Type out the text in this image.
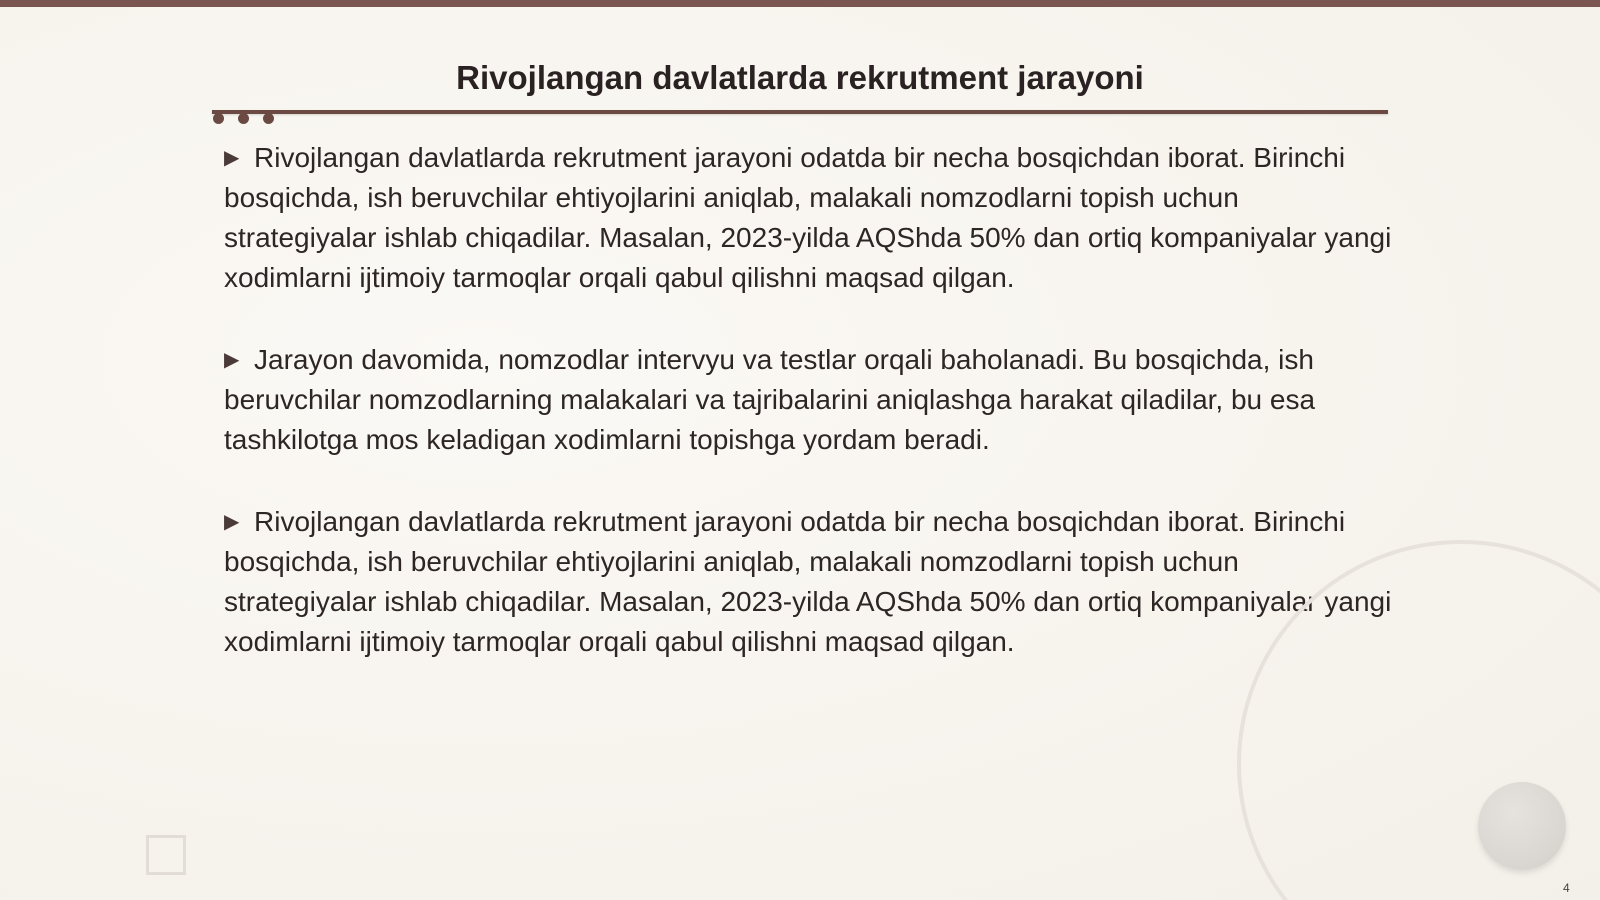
Rivojlangan davlatlarda rekrutment jarayoni

▶ Rivojlangan davlatlarda rekrutment jarayoni odatda bir necha bosqichdan iborat. Birinchi bosqichda, ish beruvchilar ehtiyojlarini aniqlab, malakali nomzodlarni topish uchun strategiyalar ishlab chiqadilar. Masalan, 2023-yilda AQShda 50% dan ortiq kompaniyalar yangi xodimlarni ijtimoiy tarmoqlar orqali qabul qilishni maqsad qilgan.

▶ Jarayon davomida, nomzodlar intervyu va testlar orqali baholanadi. Bu bosqichda, ish beruvchilar nomzodlarning malakalari va tajribalarini aniqlashga harakat qiladilar, bu esa tashkilotga mos keladigan xodimlarni topishga yordam beradi.

▶ Rivojlangan davlatlarda rekrutment jarayoni odatda bir necha bosqichdan iborat. Birinchi bosqichda, ish beruvchilar ehtiyojlarini aniqlab, malakali nomzodlarni topish uchun strategiyalar ishlab chiqadilar. Masalan, 2023-yilda AQShda 50% dan ortiq kompaniyalar yangi xodimlarni ijtimoiy tarmoqlar orqali qabul qilishni maqsad qilgan.

4
